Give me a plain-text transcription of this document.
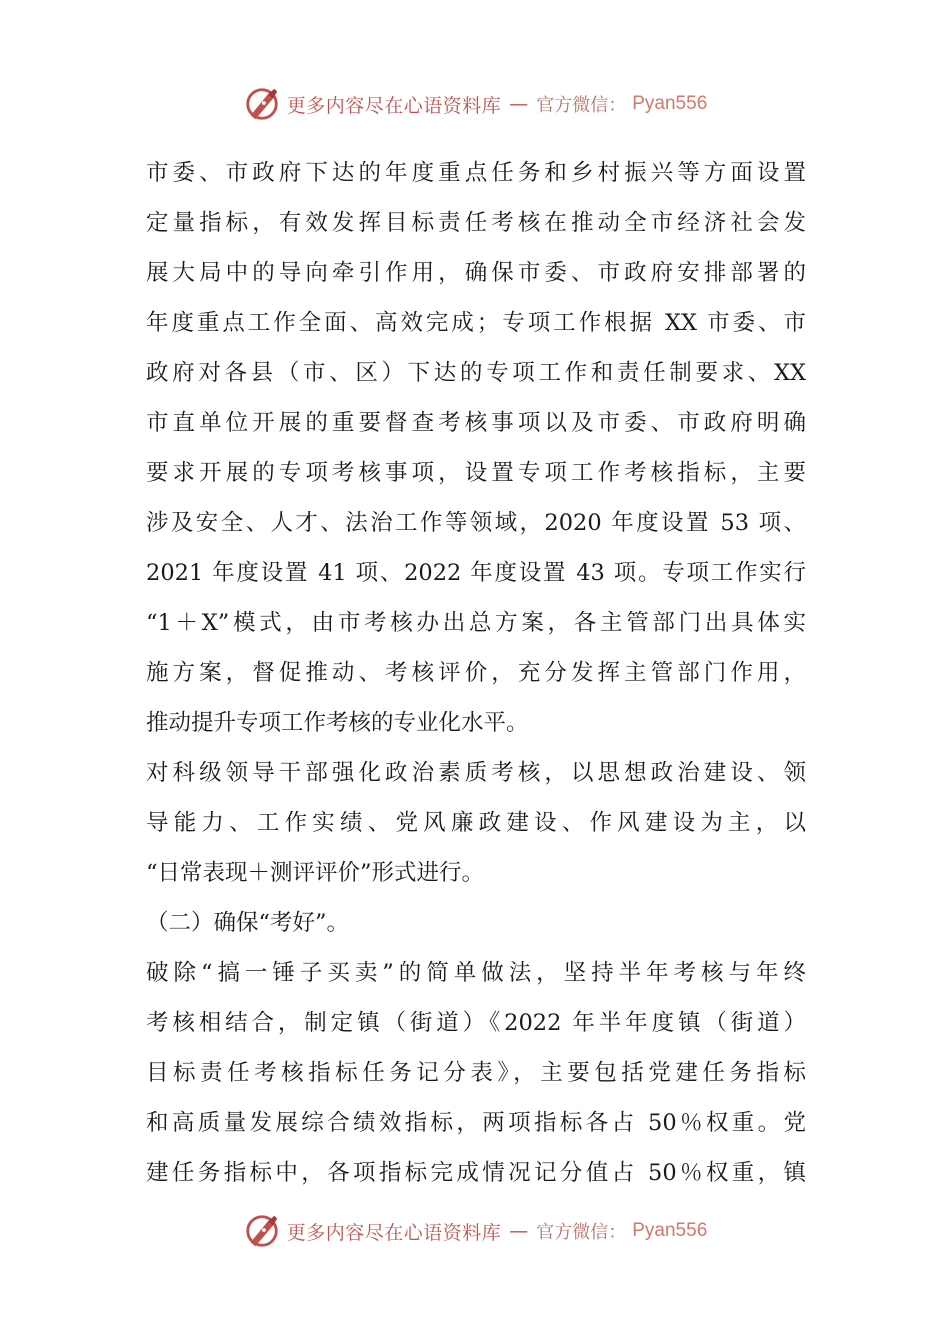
更多内容尽在心语资料库 — 官方微信： Pyan556
市委、市政府下达的年度重点任务和乡村振兴等方面设置
定量指标，有效发挥目标责任考核在推动全市经济社会发
展大局中的导向牵引作用，确保市委、市政府安排部署的
年度重点工作全面、高效完成；专项工作根据 XX 市委、市
政府对各县（市、区）下达的专项工作和责任制要求、XX
市直单位开展的重要督查考核事项以及市委、市政府明确
要求开展的专项考核事项，设置专项工作考核指标，主要
涉及安全、人才、法治工作等领域，2020 年度设置 53 项、
2021 年度设置 41 项、2022 年度设置 43 项。专项工作实行
“1＋X”模式，由市考核办出总方案，各主管部门出具体实
施方案，督促推动、考核评价，充分发挥主管部门作用，
推动提升专项工作考核的专业化水平。
对科级领导干部强化政治素质考核，以思想政治建设、领
导能力、工作实绩、党风廉政建设、作风建设为主，以
“日常表现＋测评评价”形式进行。
（二）确保“考好”。
破除“搞一锤子买卖”的简单做法，坚持半年考核与年终
考核相结合，制定镇（街道）《2022 年半年度镇（街道）
目标责任考核指标任务记分表》，主要包括党建任务指标
和高质量发展综合绩效指标，两项指标各占 50％权重。党
建任务指标中，各项指标完成情况记分值占 50％权重，镇
更多内容尽在心语资料库 — 官方微信： Pyan556
